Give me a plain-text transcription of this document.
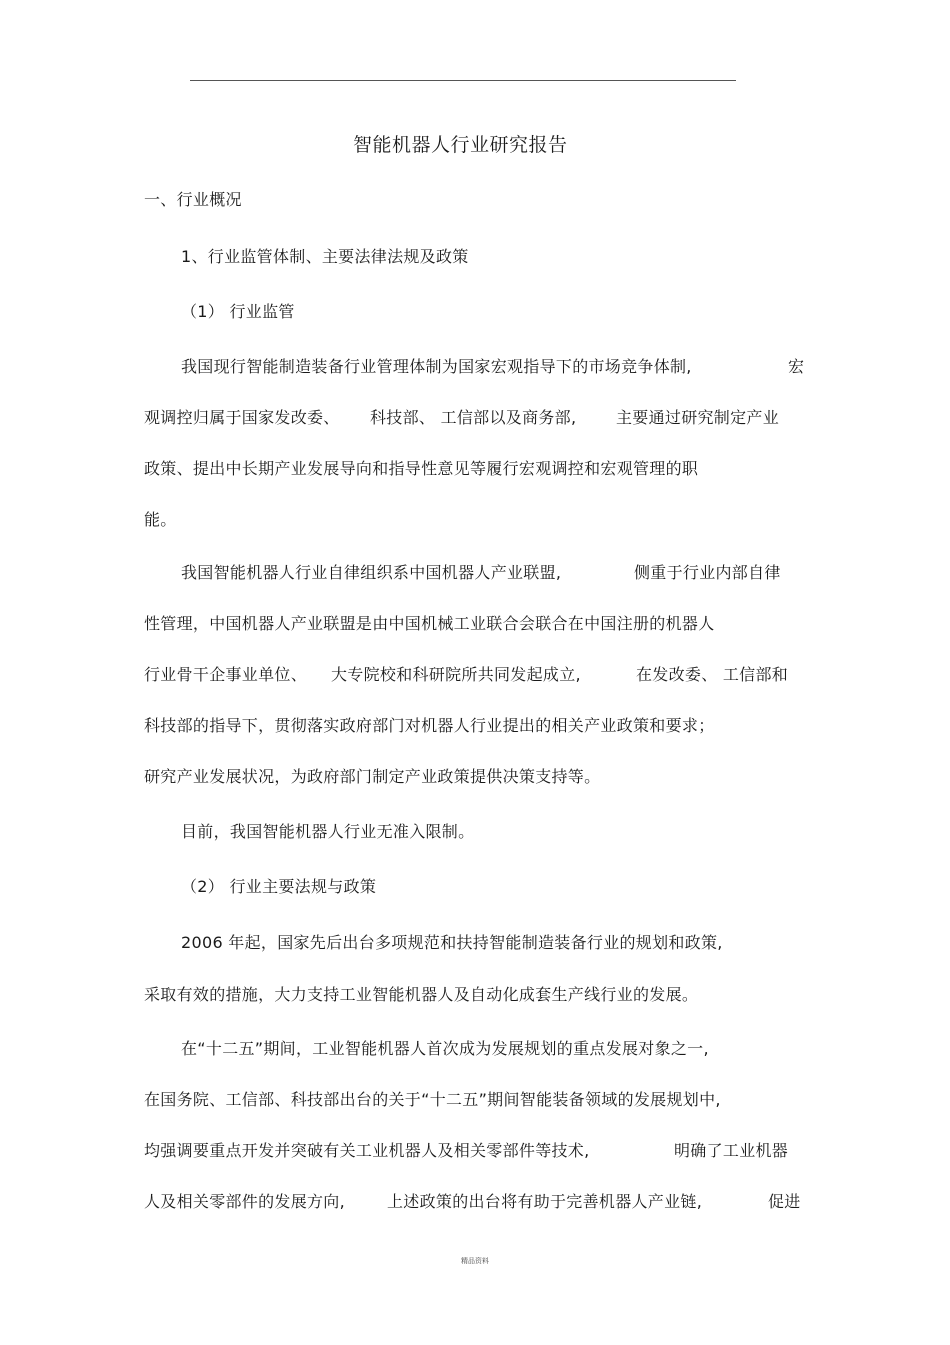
智能机器人行业研究报告
一、行业概况
1、行业监管体制、主要法律法规及政策
（1） 行业监管
我国现行智能制造装备行业管理体制为国家宏观指导下的市场竞争体制,	宏
观调控归属于国家发改委、 科技部、 工信部以及商务部, 主要通过研究制定产业
政策、提出中长期产业发展导向和指导性意见等履行宏观调控和宏观管理的职
能。
我国智能机器人行业自律组织系中国机器人产业联盟,	侧重于行业内部自律
性管理，中国机器人产业联盟是由中国机械工业联合会联合在中国注册的机器人
行业骨干企事业单位、 大专院校和科研院所共同发起成立,	在发改委、 工信部和
科技部的指导下，贯彻落实政府部门对机器人行业提出的相关产业政策和要求；
研究产业发展状况，为政府部门制定产业政策提供决策支持等。
目前，我国智能机器人行业无准入限制。
（2） 行业主要法规与政策
2006 年起，国家先后出台多项规范和扶持智能制造装备行业的规划和政策,
采取有效的措施，大力支持工业智能机器人及自动化成套生产线行业的发展。
在“十二五”期间，工业智能机器人首次成为发展规划的重点发展对象之一,
在国务院、工信部、科技部出台的关于“十二五”期间智能装备领域的发展规划中,
均强调要重点开发并突破有关工业机器人及相关零部件等技术,	明确了工业机器
人及相关零部件的发展方向,	上述政策的出台将有助于完善机器人产业链,	促进
精品资料
